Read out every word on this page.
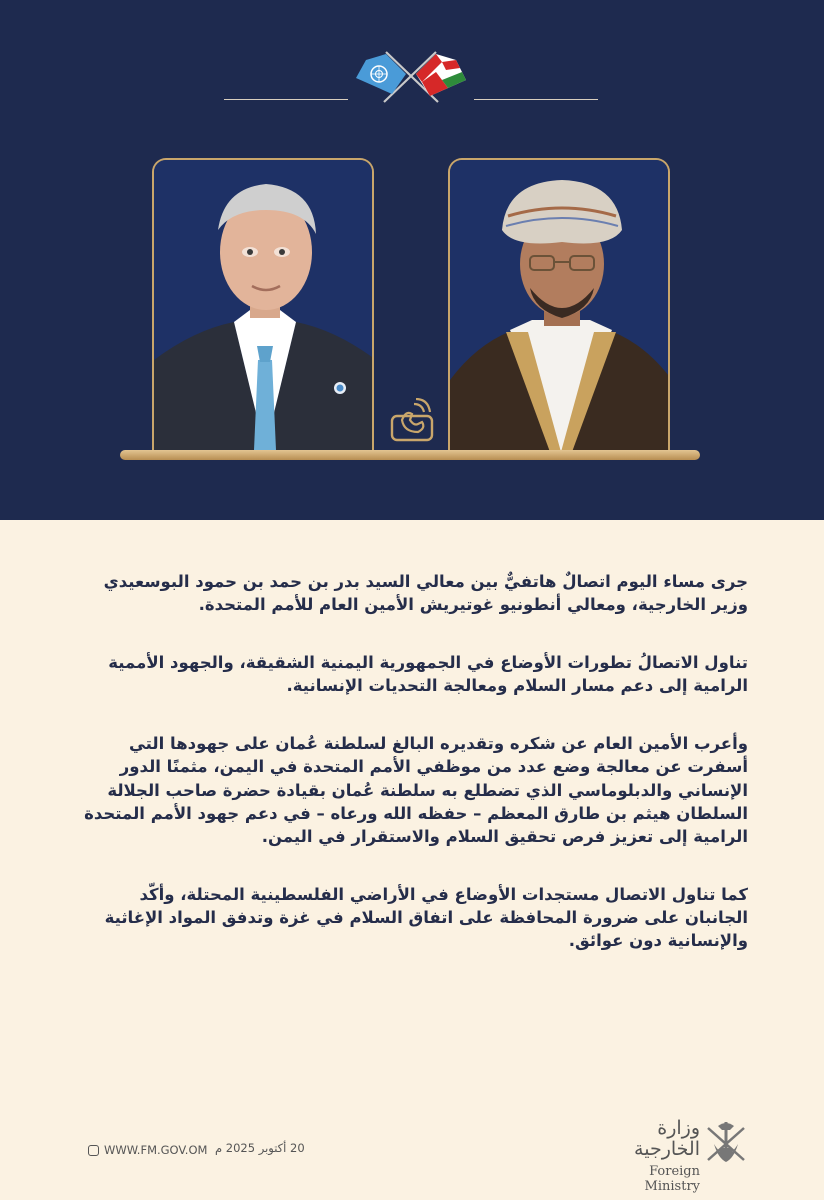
جرى مساء اليوم اتصالٌ هاتفيٌّ بين معالي السيد بدر بن حمد بن حمود البوسعيدي وزير الخارجية، ومعالي أنطونيو غوتيريش الأمين العام للأمم المتحدة.

تناول الاتصالُ تطورات الأوضاع في الجمهورية اليمنية الشقيقة، والجهود الأممية الرامية إلى دعم مسار السلام ومعالجة التحديات الإنسانية.

وأعرب الأمين العام عن شكره وتقديره البالغ لسلطنة عُمان على جهودها التي أسفرت عن معالجة وضع عدد من موظفي الأمم المتحدة في اليمن، مثمنًا الدور الإنساني والدبلوماسي الذي تضطلع به سلطنة عُمان بقيادة حضرة صاحب الجلالة السلطان هيثم بن طارق المعظم – حفظه الله ورعاه – في دعم جهود الأمم المتحدة الرامية إلى تعزيز فرص تحقيق السلام والاستقرار في اليمن.

كما تناول الاتصال مستجدات الأوضاع في الأراضي الفلسطينية المحتلة، وأكّد الجانبان على ضرورة المحافظة على اتفاق السلام في غزة وتدفق المواد الإغاثية والإنسانية دون عوائق.

WWW.FM.GOV.OM 20 أكتوبر 2025 م
وزارة الخارجية
Foreign Ministry
